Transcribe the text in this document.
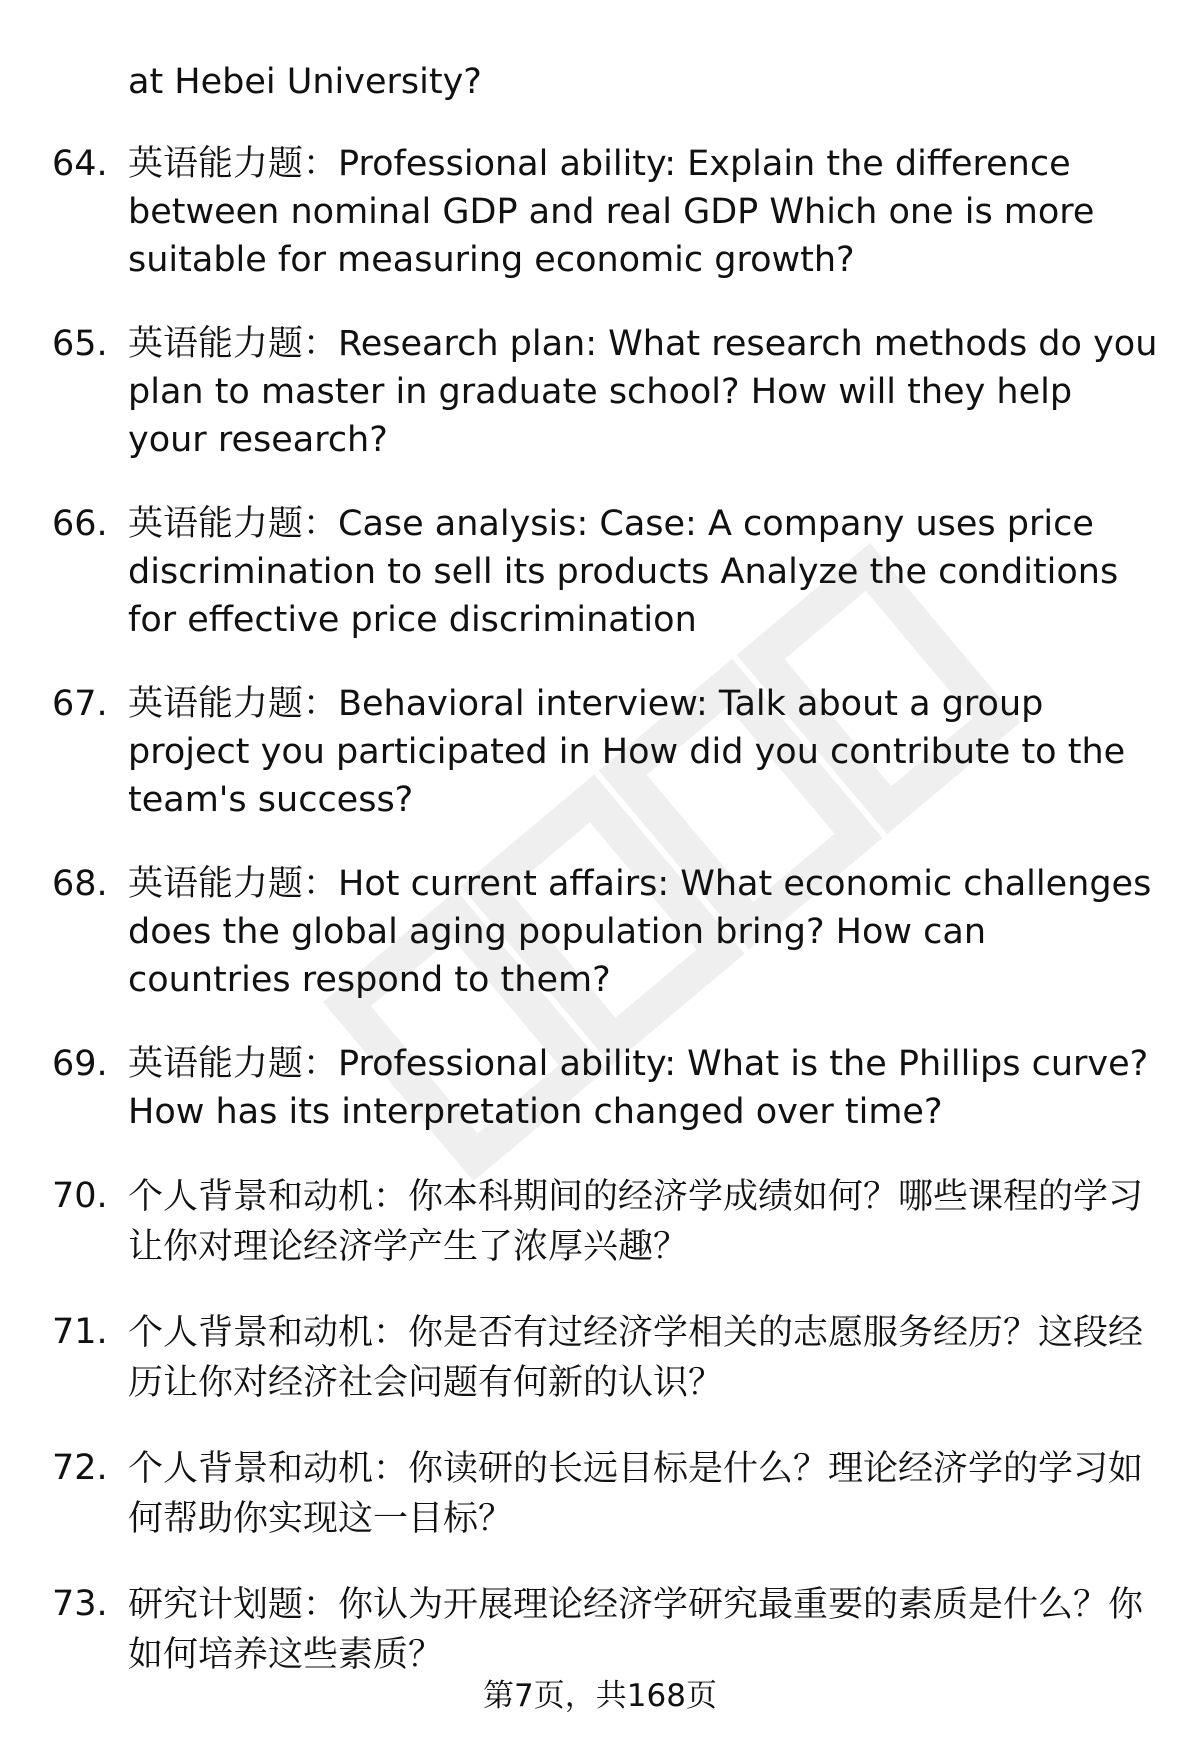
at Hebei University?

64. 英语能力题：Professional ability: Explain the difference between nominal GDP and real GDP Which one is more suitable for measuring economic growth?
65. 英语能力题：Research plan: What research methods do you plan to master in graduate school? How will they help your research?
66. 英语能力题：Case analysis: Case: A company uses price discrimination to sell its products Analyze the conditions for effective price discrimination
67. 英语能力题：Behavioral interview: Talk about a group project you participated in How did you contribute to the team's success?
68. 英语能力题：Hot current affairs: What economic challenges does the global aging population bring? How can countries respond to them?
69. 英语能力题：Professional ability: What is the Phillips curve? How has its interpretation changed over time?
70. 个人背景和动机：你本科期间的经济学成绩如何？哪些课程的学习让你对理论经济学产生了浓厚兴趣？
71. 个人背景和动机：你是否有过经济学相关的志愿服务经历？这段经历让你对经济社会问题有何新的认识？
72. 个人背景和动机：你读研的长远目标是什么？理论经济学的学习如何帮助你实现这一目标？
73. 研究计划题：你认为开展理论经济学研究最重要的素质是什么？你如何培养这些素质？
第7页，共168页
